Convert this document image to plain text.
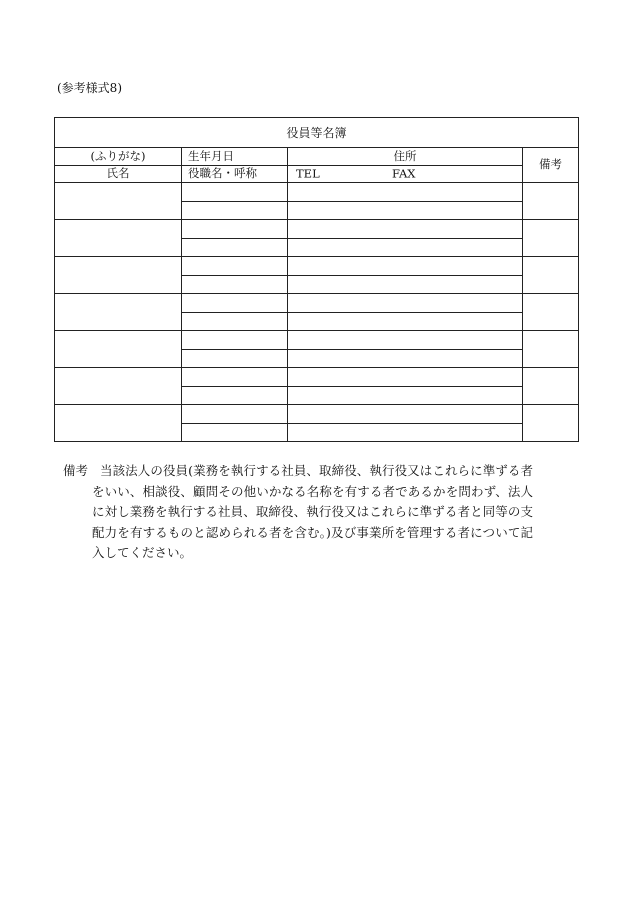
(参考様式8)
役員等名簿			
(ふりがな)	生年月日	住所	備考
氏名	役職名・呼称	TEL FAX	

備考 当該法人の役員(業務を執行する社員、取締役、執行役又はこれらに準ずる者をいい、相談役、顧問その他いかなる名称を有する者であるかを問わず、法人に対し業務を執行する社員、取締役、執行役又はこれらに準ずる者と同等の支配力を有するものと認められる者を含む。)及び事業所を管理する者について記入してください。
